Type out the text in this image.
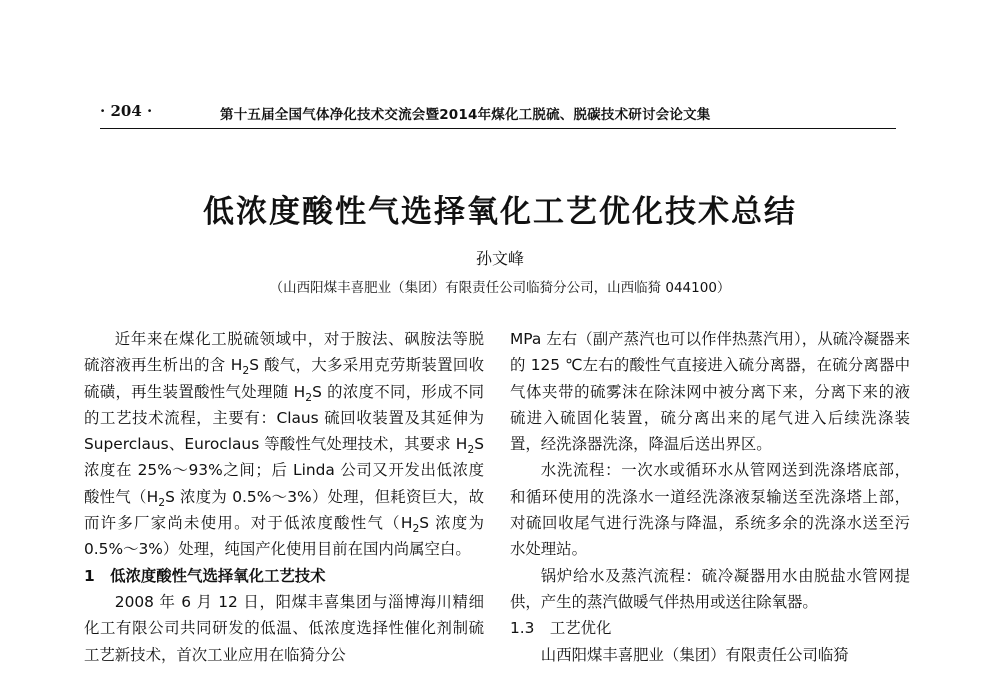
· 204 ·	第十五届全国气体净化技术交流会暨2014年煤化工脱硫、脱碳技术研讨会论文集
低浓度酸性气选择氧化工艺优化技术总结
孙文峰
（山西阳煤丰喜肥业（集团）有限责任公司临猗分公司，山西临猗 044100）

近年来在煤化工脱硫领域中，对于胺法、砜胺法等脱硫溶液再生析出的含 $H_2S$ 酸气，大多采用克劳斯装置回收硫磺，再生装置酸性气处理随 $H_2S$ 的浓度不同，形成不同的工艺技术流程，主要有：Claus 硫回收装置及其延伸为 Superclaus、Euroclaus 等酸性气处理技术，其要求 $H_2S$ 浓度在 25%～93%之间；后 Linda 公司又开发出低浓度酸性气（$H_2S$ 浓度为 0.5%～3%）处理，但耗资巨大，故而许多厂家尚未使用。对于低浓度酸性气（$H_2S$ 浓度为 0.5%～3%）处理，纯国产化使用目前在国内尚属空白。

1　低浓度酸性气选择氧化工艺技术

2008 年 6 月 12 日，阳煤丰喜集团与淄博海川精细化工有限公司共同研发的低温、低浓度选择性催化剂制硫工艺新技术，首次工业应用在临猗分公

MPa 左右（副产蒸汽也可以作伴热蒸汽用），从硫冷凝器来的 125 ℃左右的酸性气直接进入硫分离器，在硫分离器中气体夹带的硫雾沫在除沫网中被分离下来，分离下来的液硫进入硫固化装置，硫分离出来的尾气进入后续洗涤装置，经洗涤器洗涤，降温后送出界区。

水洗流程：一次水或循环水从管网送到洗涤塔底部，和循环使用的洗涤水一道经洗涤液泵输送至洗涤塔上部，对硫回收尾气进行洗涤与降温，系统多余的洗涤水送至污水处理站。

锅炉给水及蒸汽流程：硫冷凝器用水由脱盐水管网提供，产生的蒸汽做暖气伴热用或送往除氧器。

1.3　工艺优化

山西阳煤丰喜肥业（集团）有限责任公司临猗
